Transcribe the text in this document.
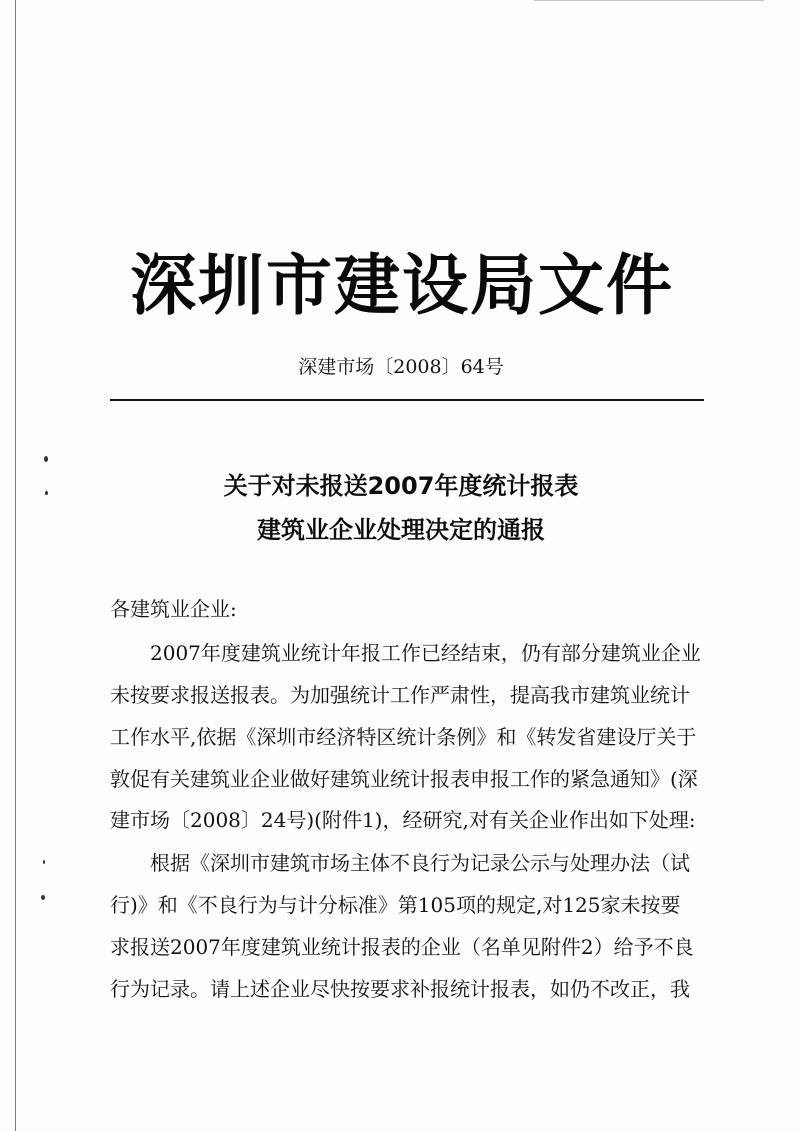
深圳市建设局文件
深建市场〔2008〕64号
关于对未报送2007年度统计报表
建筑业企业处理决定的通报
各建筑业企业:
2007年度建筑业统计年报工作已经结束，仍有部分建筑业企业
未按要求报送报表。为加强统计工作严肃性，提高我市建筑业统计
工作水平,依据《深圳市经济特区统计条例》和《转发省建设厅关于
敦促有关建筑业企业做好建筑业统计报表申报工作的紧急通知》(深
建市场〔2008〕24号)(附件1)，经研究,对有关企业作出如下处理:
根据《深圳市建筑市场主体不良行为记录公示与处理办法（试
行)》和《不良行为与计分标准》第105项的规定,对125家未按要
求报送2007年度建筑业统计报表的企业（名单见附件2）给予不良
行为记录。请上述企业尽快按要求补报统计报表，如仍不改正，我
